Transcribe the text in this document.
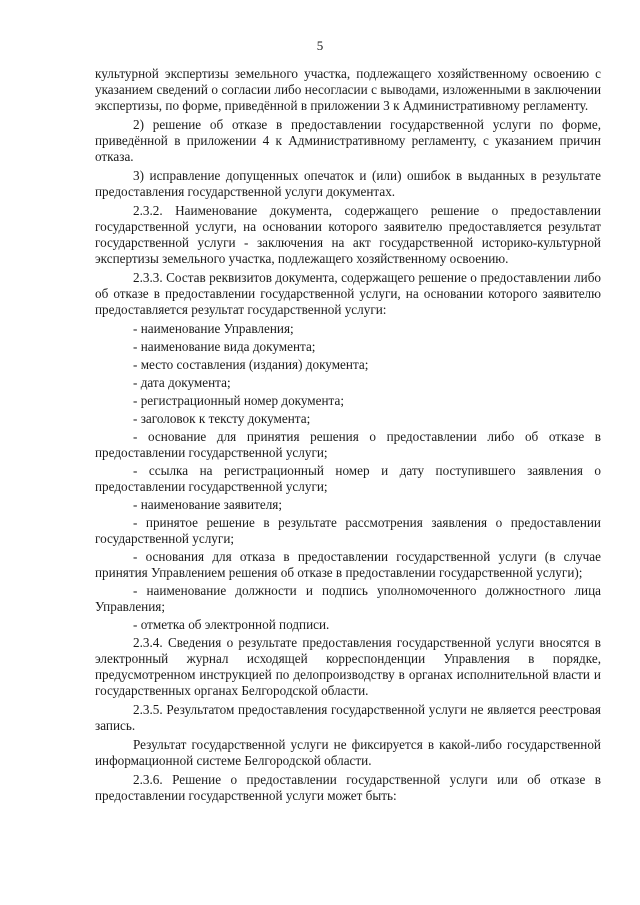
5

культурной экспертизы земельного участка, подлежащего хозяйственному освоению с указанием сведений о согласии либо несогласии с выводами, изложенными в заключении экспертизы, по форме, приведённой в приложении 3 к Административному регламенту.

2) решение об отказе в предоставлении государственной услуги по форме, приведённой в приложении 4 к Административному регламенту, с указанием причин отказа.

3) исправление допущенных опечаток и (или) ошибок в выданных в результате предоставления государственной услуги документах.

2.3.2. Наименование документа, содержащего решение о предоставлении государственной услуги, на основании которого заявителю предоставляется результат государственной услуги - заключения на акт государственной историко-культурной экспертизы земельного участка, подлежащего хозяйственному освоению.

2.3.3. Состав реквизитов документа, содержащего решение о предоставлении либо об отказе в предоставлении государственной услуги, на основании которого заявителю предоставляется результат государственной услуги:

- наименование Управления;

- наименование вида документа;

- место составления (издания) документа;

- дата документа;

- регистрационный номер документа;

- заголовок к тексту документа;

- основание для принятия решения о предоставлении либо об отказе в предоставлении государственной услуги;

- ссылка на регистрационный номер и дату поступившего заявления о предоставлении государственной услуги;

- наименование заявителя;

- принятое решение в результате рассмотрения заявления о предоставлении государственной услуги;

- основания для отказа в предоставлении государственной услуги (в случае принятия Управлением решения об отказе в предоставлении государственной услуги);

- наименование должности и подпись уполномоченного должностного лица Управления;

- отметка об электронной подписи.

2.3.4. Сведения о результате предоставления государственной услуги вносятся в электронный журнал исходящей корреспонденции Управления в порядке, предусмотренном инструкцией по делопроизводству в органах исполнительной власти и государственных органах Белгородской области.

2.3.5. Результатом предоставления государственной услуги не является реестровая запись.

Результат государственной услуги не фиксируется в какой-либо государственной информационной системе Белгородской области.

2.3.6. Решение о предоставлении государственной услуги или об отказе в предоставлении государственной услуги может быть:
